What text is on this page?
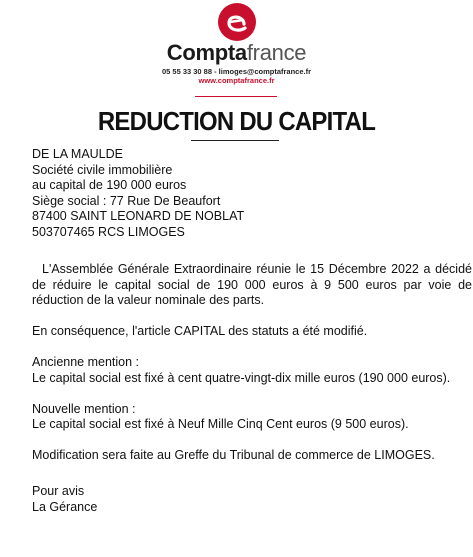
Comptafrance
05 55 33 30 88 - limoges@comptafrance.fr
www.comptafrance.fr
REDUCTION DU CAPITAL
DE LA MAULDE
Société civile immobilière
au capital de 190 000 euros
Siège social : 77 Rue De Beaufort
87400 SAINT LEONARD DE NOBLAT
503707465 RCS LIMOGES

L'Assemblée Générale Extraordinaire réunie le 15 Décembre 2022 a décidé de réduire le capital social de 190 000 euros à 9 500 euros par voie de réduction de la valeur nominale des parts.

En conséquence, l'article CAPITAL des statuts a été modifié.
Ancienne mention :
Le capital social est fixé à cent quatre-vingt-dix mille euros (190 000 euros).
Nouvelle mention :
Le capital social est fixé à Neuf Mille Cinq Cent euros (9 500 euros).
Modification sera faite au Greffe du Tribunal de commerce de LIMOGES.
Pour avis
La Gérance
